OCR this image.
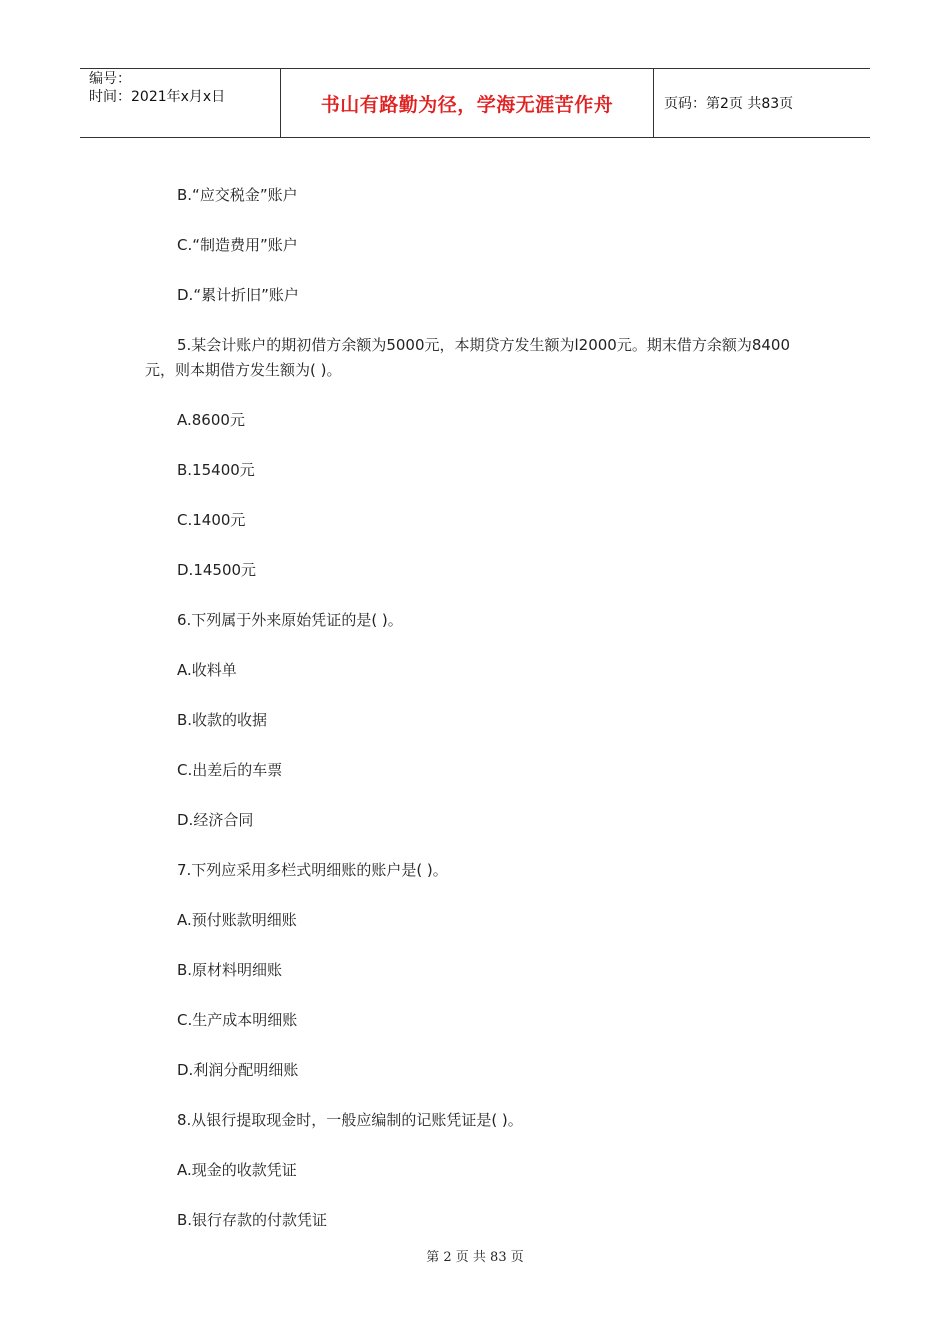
编号：
时间：2021年x月x日	书山有路勤为径，学海无涯苦作舟	页码：第2页 共83页

B.“应交税金”账户

C.“制造费用”账户

D.“累计折旧”账户

5.某会计账户的期初借方余额为5000元，本期贷方发生额为l2000元。期末借方余额为8400元，则本期借方发生额为( )。

A.8600元

B.15400元

C.1400元

D.14500元

6.下列属于外来原始凭证的是( )。

A.收料单

B.收款的收据

C.出差后的车票

D.经济合同

7.下列应采用多栏式明细账的账户是( )。

A.预付账款明细账

B.原材料明细账

C.生产成本明细账

D.利润分配明细账

8.从银行提取现金时，一般应编制的记账凭证是( )。

A.现金的收款凭证

B.银行存款的付款凭证

第 2 页 共 83 页
